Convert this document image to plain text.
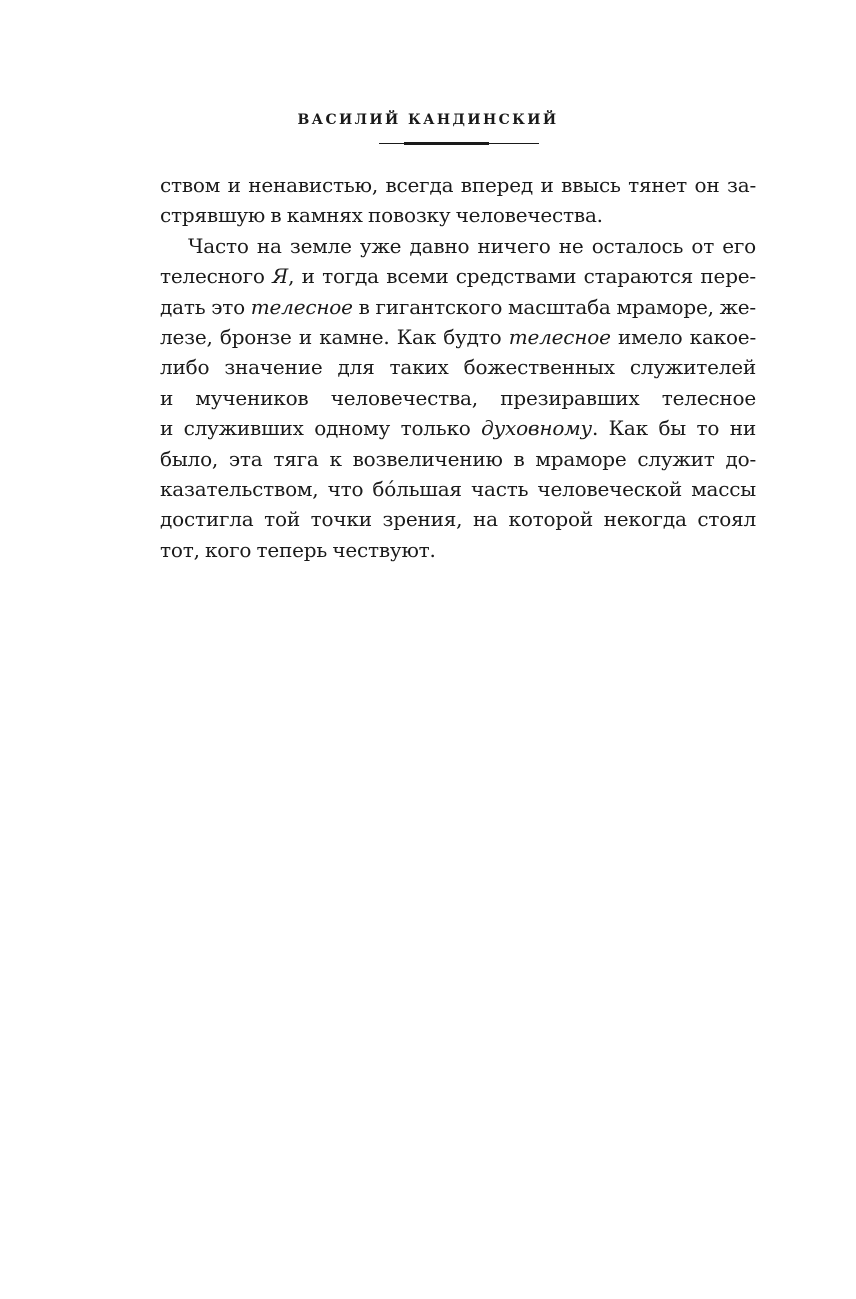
ВАСИЛИЙ КАНДИНСКИЙ
ством и ненавистью, всегда вперед и ввысь тянет он за-
стрявшую в камнях повозку человечества.
Часто на земле уже давно ничего не осталось от его
телесного Я, и тогда всеми средствами стараются пере-
дать это телесное в гигантского масштаба мраморе, же-
лезе, бронзе и камне. Как будто телесное имело какое-
либо значение для таких божественных служителей
и мучеников человечества, презиравших телесное
и служивших одному только духовному. Как бы то ни
было, эта тяга к возвеличению в мраморе служит до-
казательством, что бóльшая часть человеческой массы
достигла той точки зрения, на которой некогда стоял
тот, кого теперь чествуют.
